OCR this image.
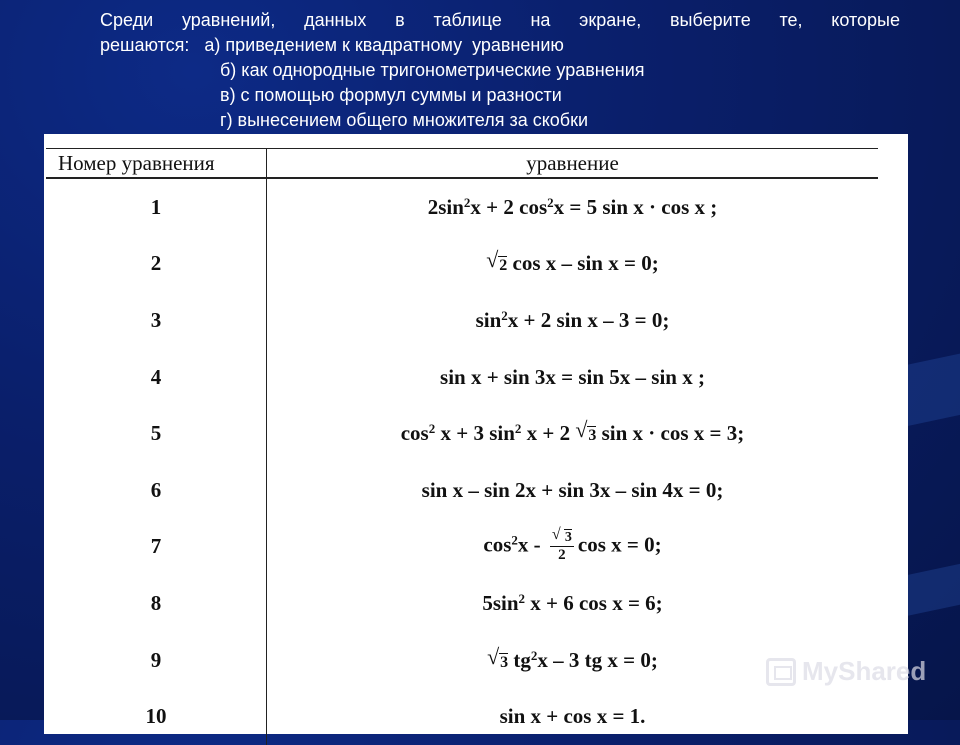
Среди уравнений, данных в таблице на экране, выберите те, которые
решаются:   а) приведением к квадратному  уравнению
б) как однородные тригонометрические уравнения
в) с помощью формул суммы и разности
г) вынесением общего множителя за скобки
Номер уравнения	уравнение
1	$2\sin^2x + 2$ $\cos^2x = 5$ sin x · cos x ;
2	√ 2 cos x – sin x = 0;
3	$\sin^2x + 2$ sin x – 3 = 0;
4	sin x + sin 3x = sin 5x – sin x ;
5	$\cos^2 x + 3$ $\sin^2 x + 2$ √ 3 sin x · cos x = 3;
6	sin x – sin 2x + sin 3x – sin 4x = 0;
7	$\cos^2x - \frac{√ 3}{2}$ cos x = 0;
8	$5\sin^2$ x + 6 cos x = 6;
9	√ 3 $tg^2x - 3$ tg x = 0;
10	sin x + cos x = 1.
MyShared
